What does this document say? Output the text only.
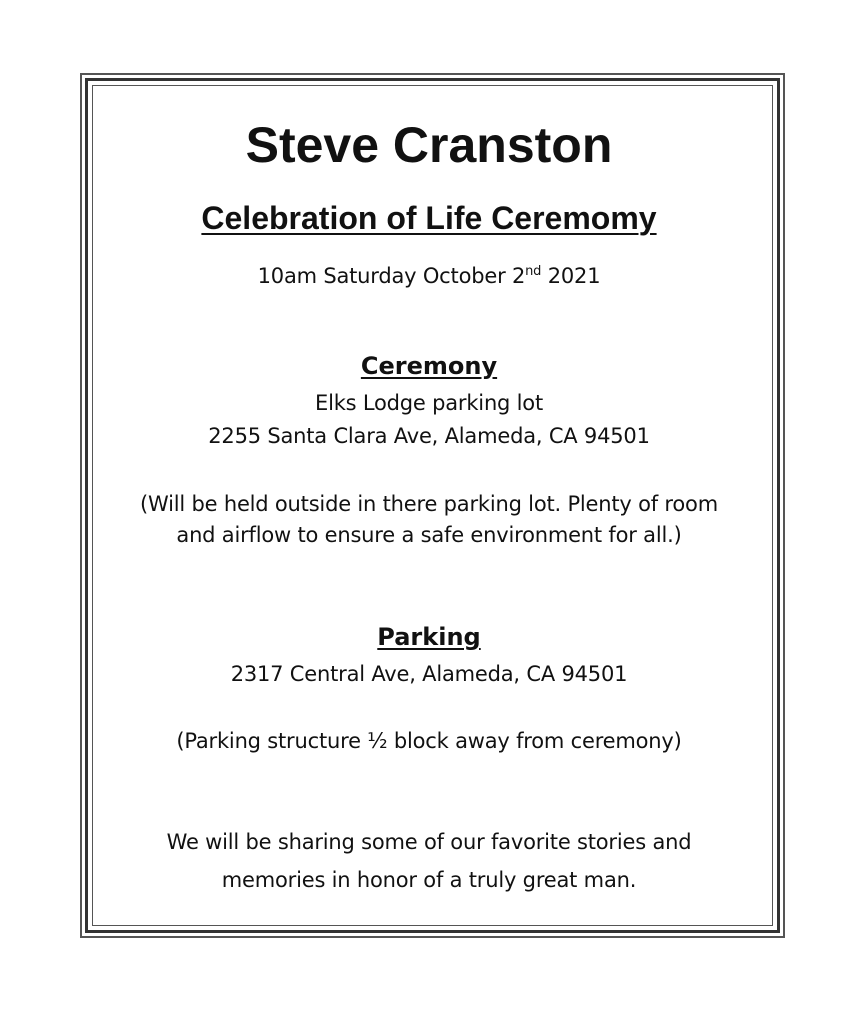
Steve Cranston
Celebration of Life Ceremomy

10am Saturday October 2nd 2021

Ceremony

Elks Lodge parking lot

2255 Santa Clara Ave, Alameda, CA 94501

(Will be held outside in there parking lot. Plenty of room

and airflow to ensure a safe environment for all.)

Parking

2317 Central Ave, Alameda, CA 94501

(Parking structure ½ block away from ceremony)

We will be sharing some of our favorite stories and

memories in honor of a truly great man.
